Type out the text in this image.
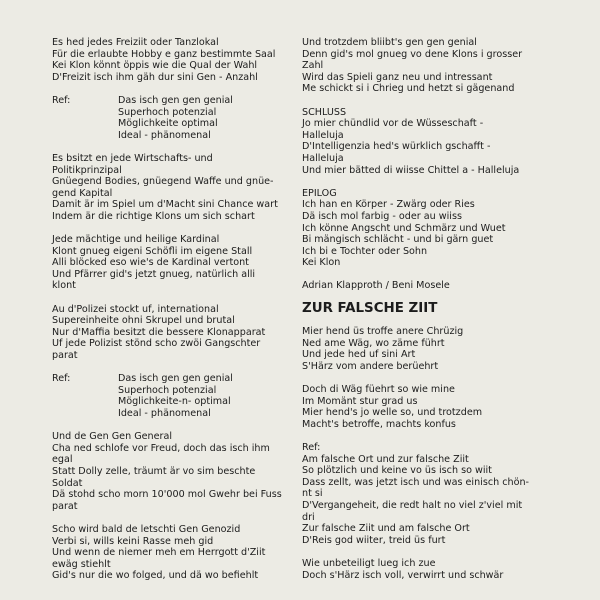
Es hed jedes Freiziit oder Tanzlokal
Für die erlaubte Hobby e ganz bestimmte Saal
Kei Klon könnt öppis wie die Qual der Wahl
D'Freizit isch ihm gäh dur sini Gen - Anzahl
Ref:	Das isch gen gen genial
Superhoch potenzial
Möglichkeite optimal
Ideal - phänomenal
Es bsitzt en jede Wirtschafts- und
Politikprinzipal
Gnüegend Bodies, gnüegend Waffe und gnüe-
gend Kapital
Damit är im Spiel um d'Macht sini Chance wart
Indem är die richtige Klons um sich schart
Jede mächtige und heilige Kardinal
Klont gnueg eigeni Schöfli im eigene Stall
Alli blöcked eso wie's de Kardinal vertont
Und Pfärrer gid's jetzt gnueg, natürlich alli
klont
Au d'Polizei stockt uf, international
Supereinheite ohni Skrupel und brutal
Nur d'Maffia besitzt die bessere Klonapparat
Uf jede Polizist stönd scho zwöi Gangschter
parat
Ref:	Das isch gen gen genial
Superhoch potenzial
Möglichkeite-n- optimal
Ideal - phänomenal
Und de Gen Gen General
Cha ned schlofe vor Freud, doch das isch ihm
egal
Statt Dolly zelle, träumt är vo sim beschte
Soldat
Dä stohd scho morn 10'000 mol Gwehr bei Fuss
parat
Scho wird bald de letschti Gen Genozid
Verbi si, wills keini Rasse meh gid
Und wenn de niemer meh em Herrgott d'Ziit
ewäg stiehlt
Gid's nur die wo folged, und dä wo befiehlt
Und trotzdem bliibt's gen gen genial
Denn gid's mol gnueg vo dene Klons i grosser
Zahl
Wird das Spieli ganz neu und intressant
Me schickt si i Chrieg und hetzt si gägenand
SCHLUSS
Jo mier chündlid vor de Wüsseschaft -
Halleluja
D'Intelligenzia hed's würklich gschafft -
Halleluja
Und mier bätted di wiisse Chittel a - Halleluja
EPILOG
Ich han en Körper - Zwärg oder Ries
Dä isch mol farbig - oder au wiiss
Ich könne Angscht und Schmärz und Wuet
Bi mängisch schlächt - und bi gärn guet
Ich bi e Tochter oder Sohn
Kei Klon
Adrian Klapproth / Beni Mosele
ZUR FALSCHE ZIIT
Mier hend üs troffe anere Chrüzig
Ned ame Wäg, wo zäme führt
Und jede hed uf sini Art
S'Härz vom andere berüehrt
Doch di Wäg füehrt so wie mine
Im Momänt stur grad us
Mier hend's jo welle so, und trotzdem
Macht's betroffe, machts konfus
Ref:
Am falsche Ort und zur falsche Ziit
So plötzlich und keine vo üs isch so wiit
Dass zellt, was jetzt isch und was einisch chön-
nt si
D'Vergangeheit, die redt halt no viel z'viel mit
dri
Zur falsche Ziit und am falsche Ort
D'Reis god wiiter, treid üs furt
Wie unbeteiligt lueg ich zue
Doch s'Härz isch voll, verwirrt und schwär
